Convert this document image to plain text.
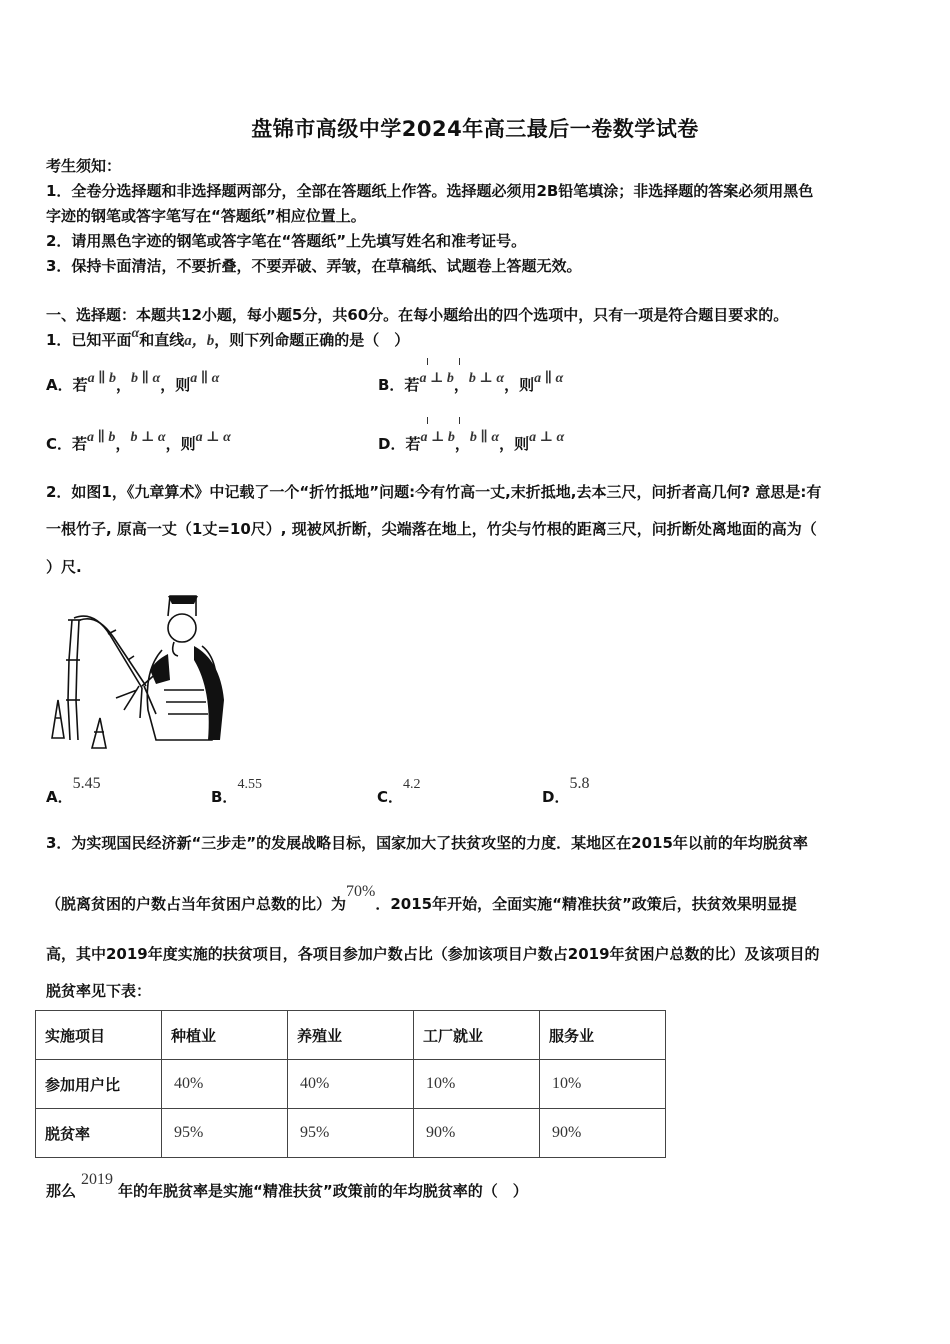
盘锦市高级中学2024年高三最后一卷数学试卷
考生须知：
1．全卷分选择题和非选择题两部分，全部在答题纸上作答。选择题必须用2B铅笔填涂；非选择题的答案必须用黑色
字迹的钢笔或答字笔写在“答题纸”相应位置上。
2．请用黑色字迹的钢笔或答字笔在“答题纸”上先填写姓名和准考证号。
3．保持卡面清洁，不要折叠，不要弄破、弄皱，在草稿纸、试题卷上答题无效。
一、选择题：本题共12小题，每小题5分，共60分。在每小题给出的四个选项中，只有一项是符合题目要求的。
1．已知平面α和直线a，b，则下列命题正确的是（　）
A．若a ∥ b，b ∥ α，则a ∥ α	B．若a ⊥ b，b ⊥ α，则a ∥ α
C．若a ∥ b，b ⊥ α，则a ⊥ α	D．若a ⊥ b，b ∥ α，则a ⊥ α
2．如图1，《九章算术》中记载了一个“折竹抵地”问题:今有竹高一丈,末折抵地,去本三尺，问折者高几何? 意思是:有
一根竹子, 原高一丈（1丈=10尺）, 现被风折断，尖端落在地上，竹尖与竹根的距离三尺，问折断处离地面的高为（
）尺.
A．5.45
B．4.55
C．4.2
D．5.8
3．为实现国民经济新“三步走”的发展战略目标，国家加大了扶贫攻坚的力度．某地区在2015年以前的年均脱贫率
（脱离贫困的户数占当年贫困户总数的比）为70%．2015年开始，全面实施“精准扶贫”政策后，扶贫效果明显提
高，其中2019年度实施的扶贫项目，各项目参加户数占比（参加该项目户数占2019年贫困户总数的比）及该项目的
脱贫率见下表：
实施项目	种植业	养殖业	工厂就业	服务业
参加用户比	40%	40%	10%	10%
脱贫率	95%	95%	90%	90%
那么2019年的年脱贫率是实施“精准扶贫”政策前的年均脱贫率的（　）
